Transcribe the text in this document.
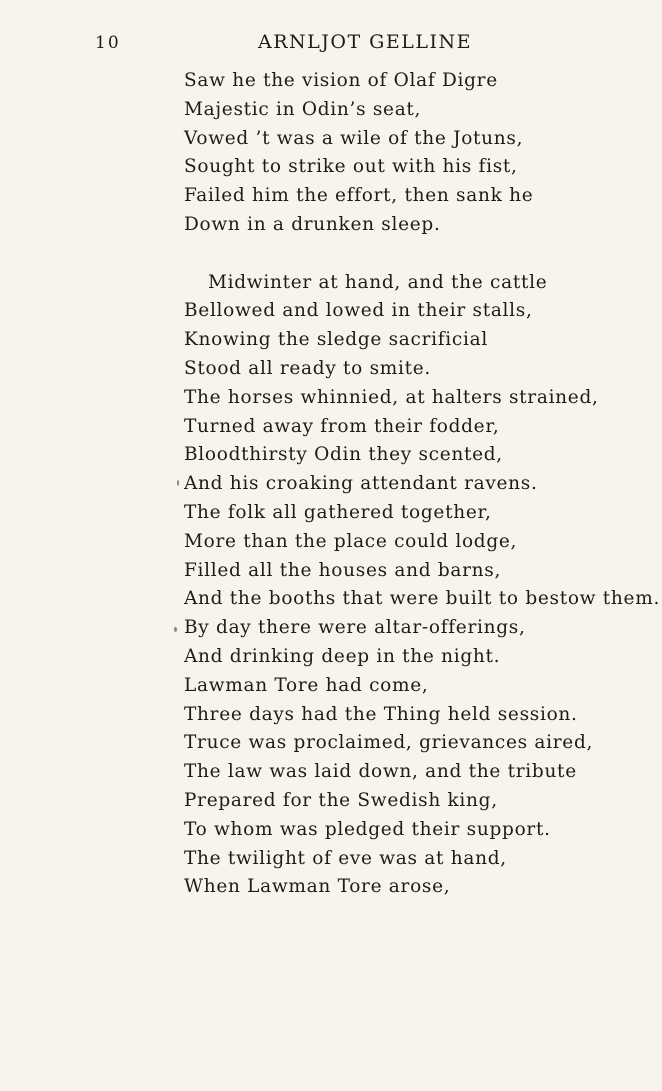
10	ARNLJOT GELLINE
Saw he the vision of Olaf Digre
Majestic in Odin’s seat,
Vowed ’t was a wile of the Jotuns,
Sought to strike out with his fist,
Failed him the effort, then sank he
Down in a drunken sleep.
Midwinter at hand, and the cattle
Bellowed and lowed in their stalls,
Knowing the sledge sacrificial
Stood all ready to smite.
The horses whinnied, at halters strained,
Turned away from their fodder,
Bloodthirsty Odin they scented,
And his croaking attendant ravens.
The folk all gathered together,
More than the place could lodge,
Filled all the houses and barns,
And the booths that were built to bestow them.
By day there were altar-offerings,
And drinking deep in the night.
Lawman Tore had come,
Three days had the Thing held session.
Truce was proclaimed, grievances aired,
The law was laid down, and the tribute
Prepared for the Swedish king,
To whom was pledged their support.
The twilight of eve was at hand,
When Lawman Tore arose,
